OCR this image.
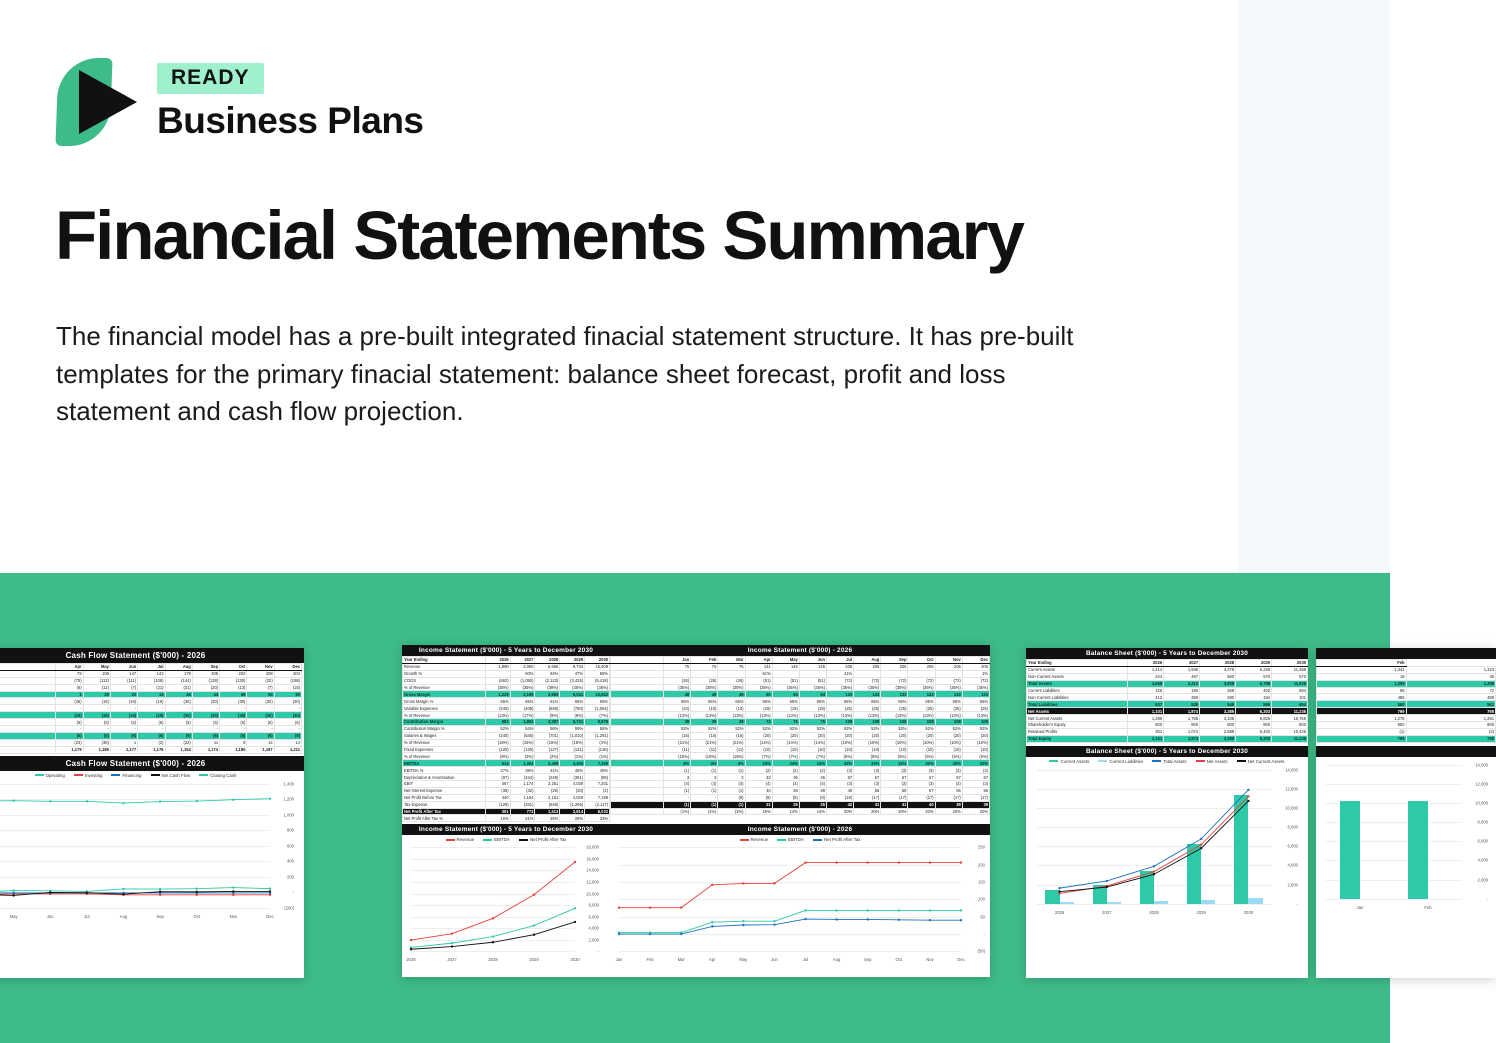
READY
Business Plans
Financial Statements Summary
The financial model has a pre-built integrated finacial statement structure. It has pre-built templates for the primary finacial statement: balance sheet forecast, profit and loss statement and cash flow projection.
Cash Flow Statement ($'000) - 2026
	Apr	May	Jun	Jul	Aug	Sep	Oct	Nov	Dec
	79	109	147	143	178	205	202	208	204
	(75)	(113)	(111)	(109)	(144)	(138)	(130)	(20)	(198)
	(6)	(12)	(7)	(21)	(21)	(20)	(13)	(7)	(18)
	1	25	22	14	46	44	49	64	50
	(26)	(19)	(19)	(19)	(30)	(30)	(30)	(30)	(30)
	-	-	-	-	-	-	-	-	-
	(19)	(19)	(19)	(19)	(30)	(30)	(30)	(30)	(30)
	(6)	(6)	(6)	(6)	(6)	(6)	(6)	(6)	(6)
	-	-	-	-	-	-	-	-	-
	(6)	(6)	(6)	(6)	(6)	(6)	(6)	(6)	(6)
	(23)	(38)	1	(2)	(22)	11	8	14	14
	1,179	1,185	1,177	1,176	1,154	1,174	1,180	1,197	1,211
Cash Flow Statement ($'000) - 2026
Operating	Investing	Financing	Net Cash Flow	Closing Cash
1,400
1,200
1,000
800
600
400
200
-
(200)
May	Jun	Jul	Aug	Sep	Oct	Nov	Dec
Income Statement ($'000) - 5 Years to December 2030
Year Ending	2026	2027	2028	2029	2030
Revenue	1,890	3,000	5,656	9,734	15,409
Growth %		60%	84%	47%	58%
COGS	(662)	(1,050)	(2,123)	(3,425)	(5,418)
% of Revenue	(35%)	(35%)	(38%)	(35%)	(35%)
Gross Margin	1,229	2,199	3,963	6,041	10,042
Gross Margin %	65%	65%	61%	65%	65%
Variable Expenses	(240)	(409)	(946)	(780)	(1,064)
% of Revenue	(13%)	(17%)	(9%)	(8%)	(7%)
Contribution Margin	983	1,801	3,387	5,741	8,978
Contribution Margin %	52%	54%	56%	59%	58%
Salaries & Wages	(240)	(545)	(701)	(1,010)	(1,291)
% of Revenue	(18%)	(15%)	(15%)	(18%)	(4%)
Fixed Expenses	(125)	(129)	(127)	(131)	(136)
% of Revenue	(8%)	(3%)	(2%)	(1%)	(1%)
EBITDA	614	1,364	2,498	4,405	7,395
EBITDA %	27%	35%	41%	45%	45%
Depreciation & Amortisation	(87)	(244)	(249)	(381)	(89)
EBIT	467	1,174	2,251	4,039	7,201
Net Interest Expense	(38)	(32)	(25)	(20)	(2)
Net Profit Before Tax	440	1,104	2,161	4,020	7,189
Tax Expense	(129)	(331)	(648)	(1,206)	(2,117)
Net Profit After Tax	301	773	1,513	2,814	5,032
Net Profit After Tax %	16%	21%	25%	29%	33%
Income Statement ($'000) - 2026
	Jan	Feb	Mar	Apr	May	Jun	Jul	Aug	Sep	Oct	Nov	Dec
	75	75	75	141	145	145	205	205	205	205	205	205
				61%			41%					1%
	(26)	(26)	(26)	(51)	(51)	(51)	(72)	(72)	(72)	(72)	(72)	(72)
	(35%)	(35%)	(35%)	(35%)	(35%)	(35%)	(35%)	(35%)	(35%)	(35%)	(35%)	(35%)
	49	49	49	90	94	94	133	133	133	133	133	133
	65%	65%	65%	65%	65%	65%	65%	65%	65%	65%	65%	65%
	(10)	(10)	(10)	(18)	(19)	(19)	(25)	(25)	(25)	(25)	(25)	(25)
	(13%)	(13%)	(13%)	(13%)	(13%)	(13%)	(13%)	(13%)	(13%)	(13%)	(13%)	(13%)
	39	39	39	72	75	75	108	108	108	108	108	108
	52%	52%	52%	52%	52%	52%	52%	52%	52%	52%	52%	52%
	(16)	(16)	(16)	(20)	(20)	(20)	(20)	(20)	(20)	(20)	(20)	(20)
	(21%)	(21%)	(21%)	(14%)	(14%)	(14%)	(10%)	(10%)	(10%)	(10%)	(10%)	(10%)
	(11)	(11)	(11)	(10)	(10)	(10)	(10)	(10)	(10)	(10)	(10)	(10)
	(15%)	(15%)	(15%)	(7%)	(7%)	(7%)	(5%)	(5%)	(5%)	(5%)	(5%)	(5%)
	4%	4%	4%	24%	24%	24%	32%	32%	32%	32%	32%	32%
	(1)	(1)	(1)	(2)	(2)	(2)	(3)	(3)	(3)	(3)	(3)	(3)
	3	3	3	33	36	36	67	67	67	67	67	67
	(4)	(4)	(4)	(4)	(4)	(4)	(3)	(3)	(3)	(3)	(3)	(3)
	(1)	(1)	(1)	40	38	38	40	58	58	57	56	56
	-	-	(9)	(9)	(9)	(9)	(18)	(17)	(17)	(17)	(17)	(17)
	(1)	(1)	(1)	21	25	26	42	41	41	40	39	39
	(1%)	(1%)	(1%)	15%	14%	14%	20%	20%	20%	20%	20%	20%
Income Statement ($'000) - 5 Years to December 2030
Revenue	EBITDA	Net Profit After Tax
18,000
16,000
14,000
12,000
10,000
8,000
6,000
4,000
2,000
-
2026	2027	2028	2029	2030
Income Statement ($'000) - 2026
Revenue	EBITDA	Net Profit After Tax
250
200
150
100
50
-
(50)
Jan	Feb	Mar	Apr	May	Jun	Jul	Aug	Sep	Oct	Nov	Dec
Balance Sheet ($'000) - 5 Years to December 2030
Year Ending	2026	2027	2028	2029	2030
Current Assets	1,414	1,945	3,378	6,228	11,359
Non-Current Assets	244	467	560	570	570
Total Assets	1,658	2,412	3,938	6,798	11,929
Current Liabilities	125	180	269	402	594
Non-Current Liabilities	412	359	280	194	101
Total Liabilities	537	539	549	595	694
Net Assets	1,101	1,874	3,389	6,203	11,235
Net Current Assets	1,289	1,765	3,108	5,826	10,766
Shareholder's Equity	800	800	800	800	800
Retained Profits	301	1,074	2,589	5,403	10,435
Total Equity	1,101	1,874	3,389	6,203	11,235
Balance Sheet ($'000) - 5 Years to December 2030
Current Assets	Current Liabilities	Total Assets	Net Assets	Net Current Assets
14,000
12,000
10,000
8,000
6,000
4,000
2,000
-
2026	2027	2028	2029	2030

	Feb	
	1,341	1,323
	18	36
	1,359	1,359
	65	72
	495	489
	560	561
	799	798
	1,275	1,251
	800	800
	(1)	(2)
	799	798

14,000
12,000
10,000
8,000
6,000
4,000
2,000
-
Jan	Feb
